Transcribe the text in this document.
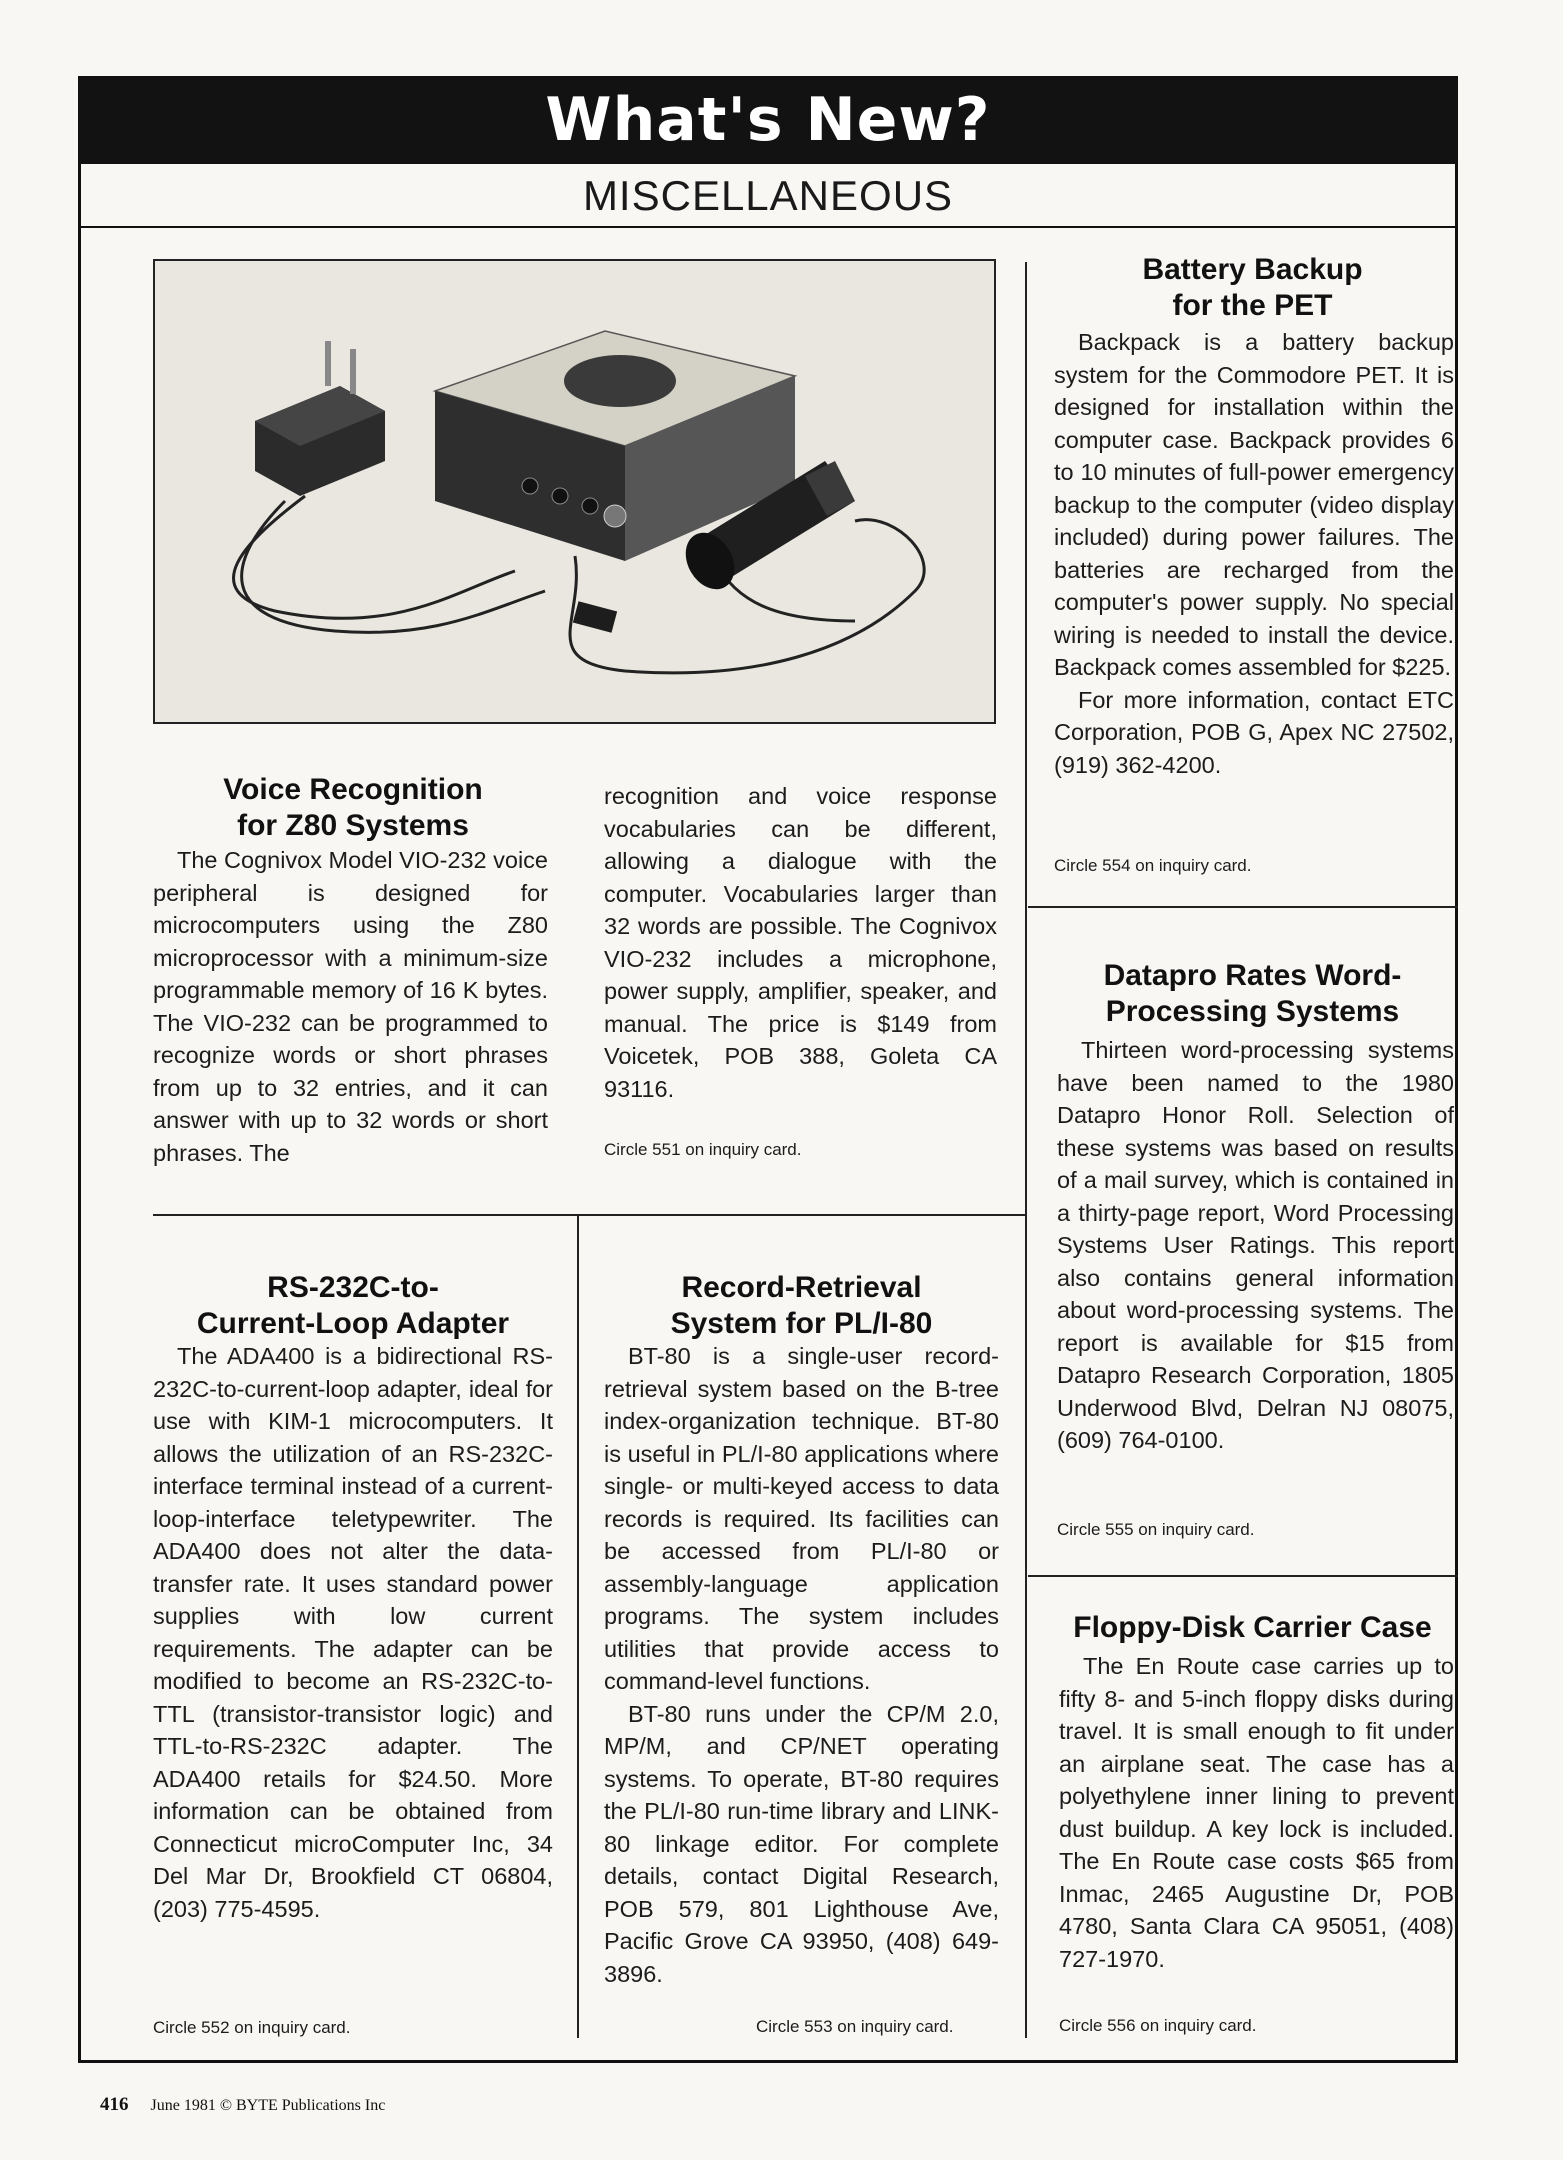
What's New?
MISCELLANEOUS
Voice Recognition
for Z80 Systems

The Cognivox Model VIO-232 voice peripheral is designed for microcomputers using the Z80 microprocessor with a minimum-size programmable memory of 16 K bytes. The VIO-232 can be programmed to recognize words or short phrases from up to 32 entries, and it can answer with up to 32 words or short phrases. The

recognition and voice response vocabularies can be different, allowing a dialogue with the computer. Vocabularies larger than 32 words are possible. The Cognivox VIO-232 includes a microphone, power supply, amplifier, speaker, and manual. The price is $149 from Voicetek, POB 388, Goleta CA 93116.

Circle 551 on inquiry card.
RS-232C-to-
Current-Loop Adapter

The ADA400 is a bidirectional RS-232C-to-current-loop adapter, ideal for use with KIM-1 microcomputers. It allows the utilization of an RS-232C-interface terminal instead of a current-loop-interface teletypewriter. The ADA400 does not alter the data-transfer rate. It uses standard power supplies with low current requirements. The adapter can be modified to become an RS-232C-to-TTL (transistor-transistor logic) and TTL-to-RS-232C adapter. The ADA400 retails for $24.50. More information can be obtained from Connecticut microComputer Inc, 34 Del Mar Dr, Brookfield CT 06804, (203) 775-4595.

Circle 552 on inquiry card.
Record-Retrieval
System for PL/I-80

BT-80 is a single-user record-retrieval system based on the B-tree index-organization technique. BT-80 is useful in PL/I-80 applications where single- or multi-keyed access to data records is required. Its facilities can be accessed from PL/I-80 or assembly-language application programs. The system includes utilities that provide access to command-level functions.

BT-80 runs under the CP/M 2.0, MP/M, and CP/NET operating systems. To operate, BT-80 requires the PL/I-80 run-time library and LINK-80 linkage editor. For complete details, contact Digital Research, POB 579, 801 Lighthouse Ave, Pacific Grove CA 93950, (408) 649-3896.

Circle 553 on inquiry card.
Battery Backup
for the PET

Backpack is a battery backup system for the Commodore PET. It is designed for installation within the computer case. Backpack provides 6 to 10 minutes of full-power emergency backup to the computer (video display included) during power failures. The batteries are recharged from the computer's power supply. No special wiring is needed to install the device. Backpack comes assembled for $225.

For more information, contact ETC Corporation, POB G, Apex NC 27502, (919) 362-4200.

Circle 554 on inquiry card.
Datapro Rates Word-
Processing Systems

Thirteen word-processing systems have been named to the 1980 Datapro Honor Roll. Selection of these systems was based on results of a mail survey, which is contained in a thirty-page report, Word Processing Systems User Ratings. This report also contains general information about word-processing systems. The report is available for $15 from Datapro Research Corporation, 1805 Underwood Blvd, Delran NJ 08075, (609) 764-0100.

Circle 555 on inquiry card.
Floppy-Disk Carrier Case

The En Route case carries up to fifty 8- and 5-inch floppy disks during travel. It is small enough to fit under an airplane seat. The case has a polyethylene inner lining to prevent dust buildup. A key lock is included. The En Route case costs $65 from Inmac, 2465 Augustine Dr, POB 4780, Santa Clara CA 95051, (408) 727-1970.

Circle 556 on inquiry card.
416 June 1981 © BYTE Publications Inc
